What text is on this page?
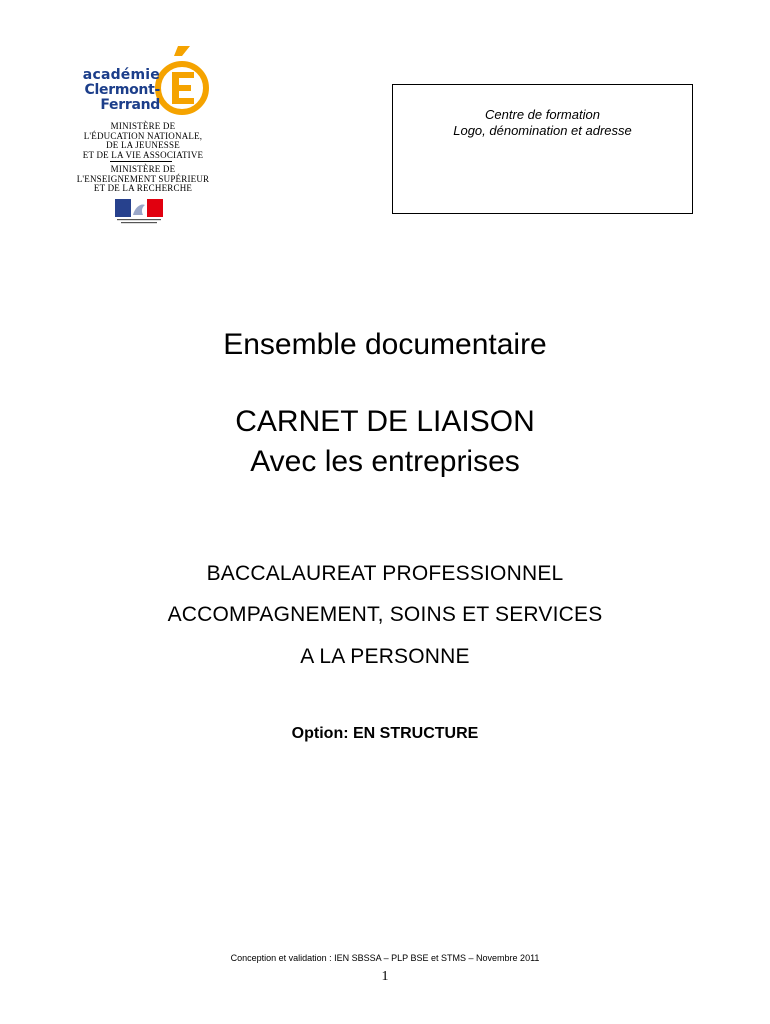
académie
Clermont-Ferrand
MINISTÈRE DE
L'ÉDUCATION NATIONALE,
DE LA JEUNESSE
ET DE LA VIE ASSOCIATIVE
MINISTÈRE DE
L'ENSEIGNEMENT SUPÉRIEUR
ET DE LA RECHERCHE
Centre de formation
Logo, dénomination et adresse
Ensemble documentaire
CARNET DE LIAISON
Avec les entreprises
BACCALAUREAT PROFESSIONNEL
ACCOMPAGNEMENT, SOINS ET SERVICES
A LA PERSONNE
Option: EN STRUCTURE
Conception et validation : IEN SBSSA – PLP BSE et STMS – Novembre 2011
1
